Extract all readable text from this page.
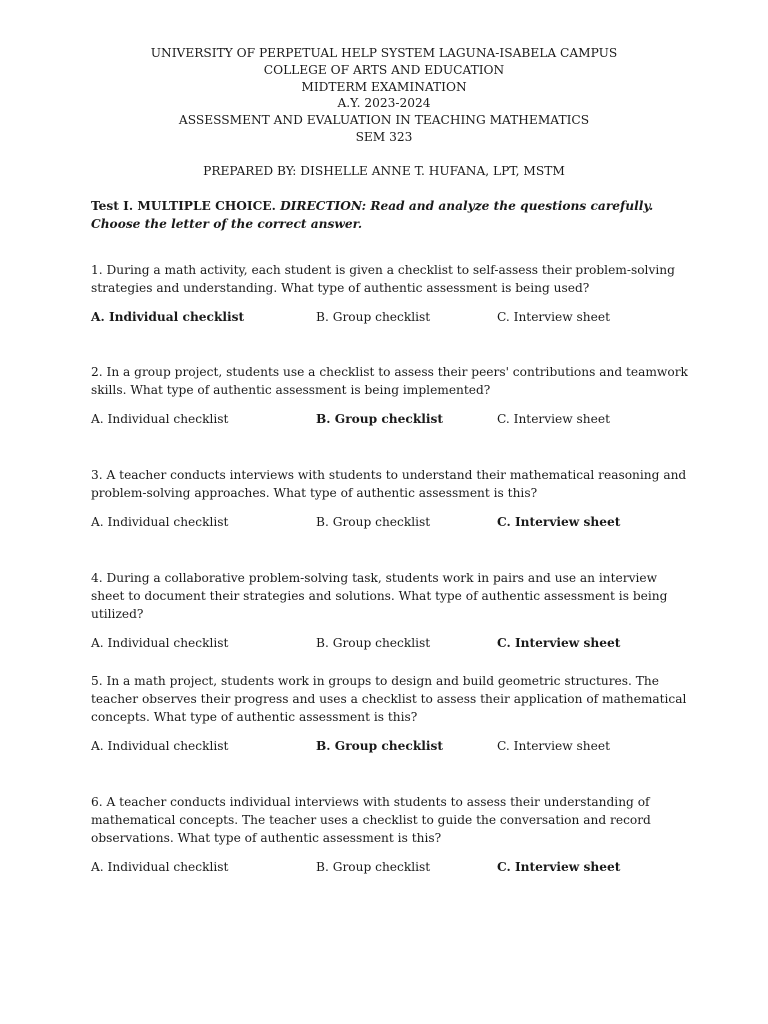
UNIVERSITY OF PERPETUAL HELP SYSTEM LAGUNA-ISABELA CAMPUS
COLLEGE OF ARTS AND EDUCATION
MIDTERM EXAMINATION
A.Y. 2023-2024
ASSESSMENT AND EVALUATION IN TEACHING MATHEMATICS
SEM 323
PREPARED BY: DISHELLE ANNE T. HUFANA, LPT, MSTM
Test I. MULTIPLE CHOICE. DIRECTION: Read and analyze the questions carefully. Choose the letter of the correct answer.
1. During a math activity, each student is given a checklist to self-assess their problem-solving strategies and understanding. What type of authentic assessment is being used?
A. Individual checklist	B. Group checklist	C. Interview sheet
2. In a group project, students use a checklist to assess their peers' contributions and teamwork skills. What type of authentic assessment is being implemented?
A. Individual checklist	B. Group checklist	C. Interview sheet
3. A teacher conducts interviews with students to understand their mathematical reasoning and problem-solving approaches. What type of authentic assessment is this?
A. Individual checklist	B. Group checklist	C. Interview sheet
4. During a collaborative problem-solving task, students work in pairs and use an interview sheet to document their strategies and solutions. What type of authentic assessment is being utilized?
A. Individual checklist	B. Group checklist	C. Interview sheet
5. In a math project, students work in groups to design and build geometric structures. The teacher observes their progress and uses a checklist to assess their application of mathematical concepts. What type of authentic assessment is this?
A. Individual checklist	B. Group checklist	C. Interview sheet
6. A teacher conducts individual interviews with students to assess their understanding of mathematical concepts. The teacher uses a checklist to guide the conversation and record observations. What type of authentic assessment is this?
A. Individual checklist	B. Group checklist	C. Interview sheet
